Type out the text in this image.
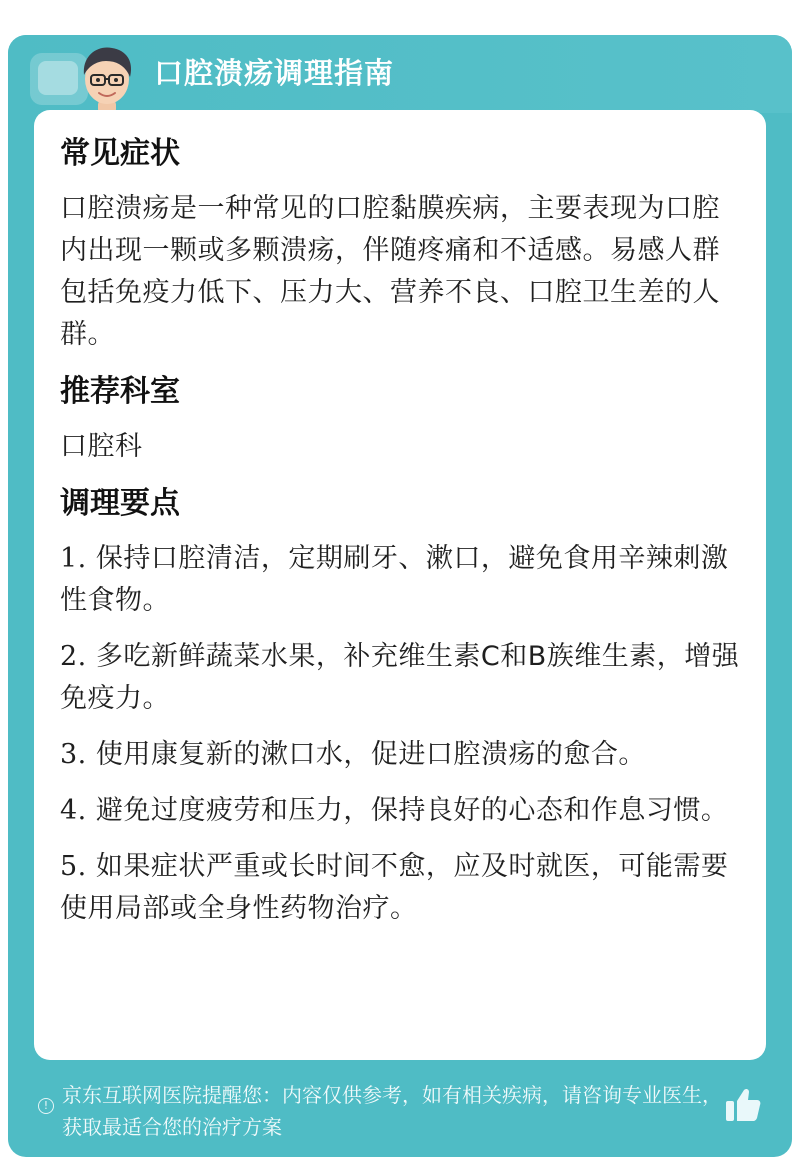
口腔溃疡调理指南
常见症状

口腔溃疡是一种常见的口腔黏膜疾病，主要表现为口腔内出现一颗或多颗溃疡，伴随疼痛和不适感。易感人群包括免疫力低下、压力大、营养不良、口腔卫生差的人群。

推荐科室

口腔科

调理要点

1. 保持口腔清洁，定期刷牙、漱口，避免食用辛辣刺激性食物。

2. 多吃新鲜蔬菜水果，补充维生素C和B族维生素，增强免疫力。

3. 使用康复新的漱口水，促进口腔溃疡的愈合。

4. 避免过度疲劳和压力，保持良好的心态和作息习惯。

5. 如果症状严重或长时间不愈，应及时就医，可能需要使用局部或全身性药物治疗。

! 京东互联网医院提醒您：内容仅供参考，如有相关疾病，请咨询专业医生，获取最适合您的治疗方案
